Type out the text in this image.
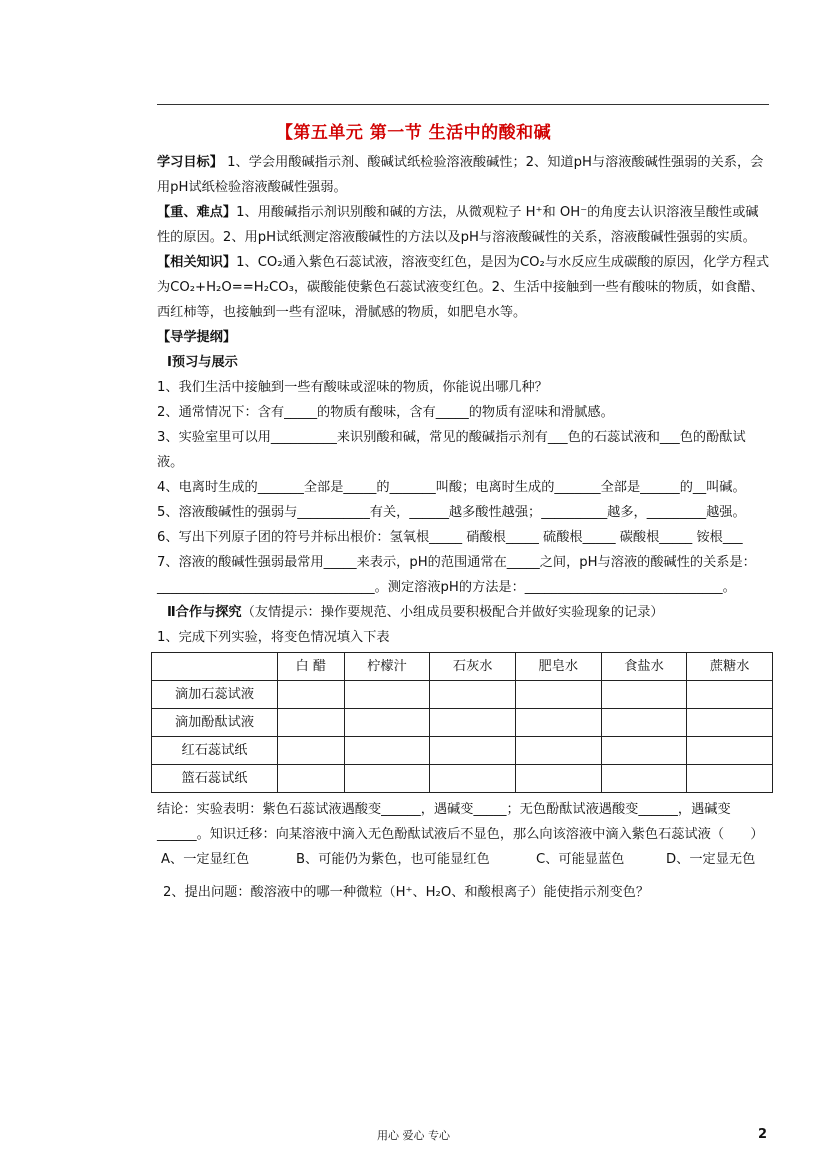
【第五单元 第一节 生活中的酸和碱

学习目标】 1、学会用酸碱指示剂、酸碱试纸检验溶液酸碱性；2、知道pH与溶液酸碱性强弱的关系，会用pH试纸检验溶液酸碱性强弱。

【重、难点】1、用酸碱指示剂识别酸和碱的方法，从微观粒子 H⁺和 OH⁻的角度去认识溶液呈酸性或碱性的原因。2、用pH试纸测定溶液酸碱性的方法以及pH与溶液酸碱性的关系，溶液酸碱性强弱的实质。

【相关知识】1、CO₂通入紫色石蕊试液，溶液变红色，是因为CO₂与水反应生成碳酸的原因，化学方程式为CO₂+H₂O==H₂CO₃，碳酸能使紫色石蕊试液变红色。2、生活中接触到一些有酸味的物质，如食醋、西红柿等，也接触到一些有涩味，滑腻感的物质，如肥皂水等。

【导学提纲】

Ⅰ预习与展示

1、我们生活中接触到一些有酸味或涩味的物质，你能说出哪几种？

2、通常情况下：含有_____的物质有酸味，含有_____的物质有涩味和滑腻感。

3、实验室里可以用__________来识别酸和碱，常见的酸碱指示剂有___色的石蕊试液和___色的酚酞试液。

4、电离时生成的_______全部是_____的_______叫酸；电离时生成的_______全部是______的__叫碱。

5、溶液酸碱性的强弱与___________有关，______越多酸性越强；__________越多，_________越强。

6、写出下列原子团的符号并标出根价：氢氧根_____ 硝酸根_____ 硫酸根_____ 碳酸根_____ 铵根___

7、溶液的酸碱性强弱最常用_____来表示，pH的范围通常在_____之间，pH与溶液的酸碱性的关系是：_________________________________。测定溶液pH的方法是：______________________________。

Ⅱ合作与探究（友情提示：操作要规范、小组成员要积极配合并做好实验现象的记录）

1、完成下列实验，将变色情况填入下表

	白 醋	柠檬汁	石灰水	肥皂水	食盐水	蔗糖水
滴加石蕊试液						
滴加酚酞试液						
红石蕊试纸						
篮石蕊试纸						

结论：实验表明：紫色石蕊试液遇酸变______，遇碱变_____；无色酚酞试液遇酸变______，遇碱变______。知识迁移：向某溶液中滴入无色酚酞试液后不显色，那么向该溶液中滴入紫色石蕊试液（　　）

A、一定显红色	B、可能仍为紫色，也可能显红色	C、可能显蓝色	D、一定显无色

2、提出问题：酸溶液中的哪一种微粒（H⁺、H₂O、和酸根离子）能使指示剂变色？

用心 爱心 专心	2
